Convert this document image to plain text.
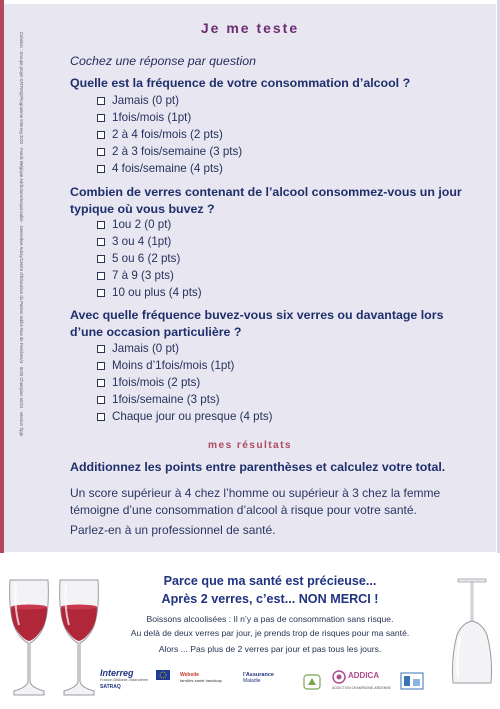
Création : Groupe projet SATRAQ/Programme Interreg 2022 · Fonds Belgique Addictions/responsable · Geneviève Aubry/Centre d'Éducation du Patient asbl/4-Rue de Ferrières/4 · 5020 Champion 60/22 · Version Tipje
Je me teste
Cochez une réponse par question
Quelle est la fréquence de votre consommation d’alcool ?
Jamais (0 pt)
1fois/mois (1pt)
2 à 4 fois/mois (2 pts)
2 à 3 fois/semaine (3 pts)
4 fois/semaine (4 pts)
Combien de verres contenant de l’alcool consommez-vous un jour
typique où vous buvez ?
1ou 2 (0 pt)
3 ou 4 (1pt)
5 ou 6 (2 pts)
7 à 9 (3 pts)
10 ou plus (4 pts)
Avec quelle fréquence buvez-vous six verres ou davantage lors
d’une occasion particulière ?
Jamais (0 pt)
Moins d’1fois/mois (1pt)
1fois/mois (2 pts)
1fois/semaine (3 pts)
Chaque jour ou presque (4 pts)
mes résultats
Additionnez les points entre parenthèses et calculez votre total.
Un score supérieur à 4 chez l’homme ou supérieur à 3 chez la femme
témoigne d’une consommation d’alcool à risque pour votre santé.
Parlez-en à un professionnel de santé.
Parce que ma santé est précieuse...
Après 2 verres, c’est... NON MERCI !
Boissons alcoolisées : Il n’y a pas de consommation sans risque.
Au delà de deux verres par jour, je prends trop de risques pour ma santé.
Alors ... Pas plus de 2 verres par jour et pas tous les jours.
Interreg
France-Wallonie-Vlaanderen
SATRAQ
Website
familles santé handicap
l'Assurance
Maladie
ADDICA
ADDICTION CHAMPAGNE-ARDENNE
